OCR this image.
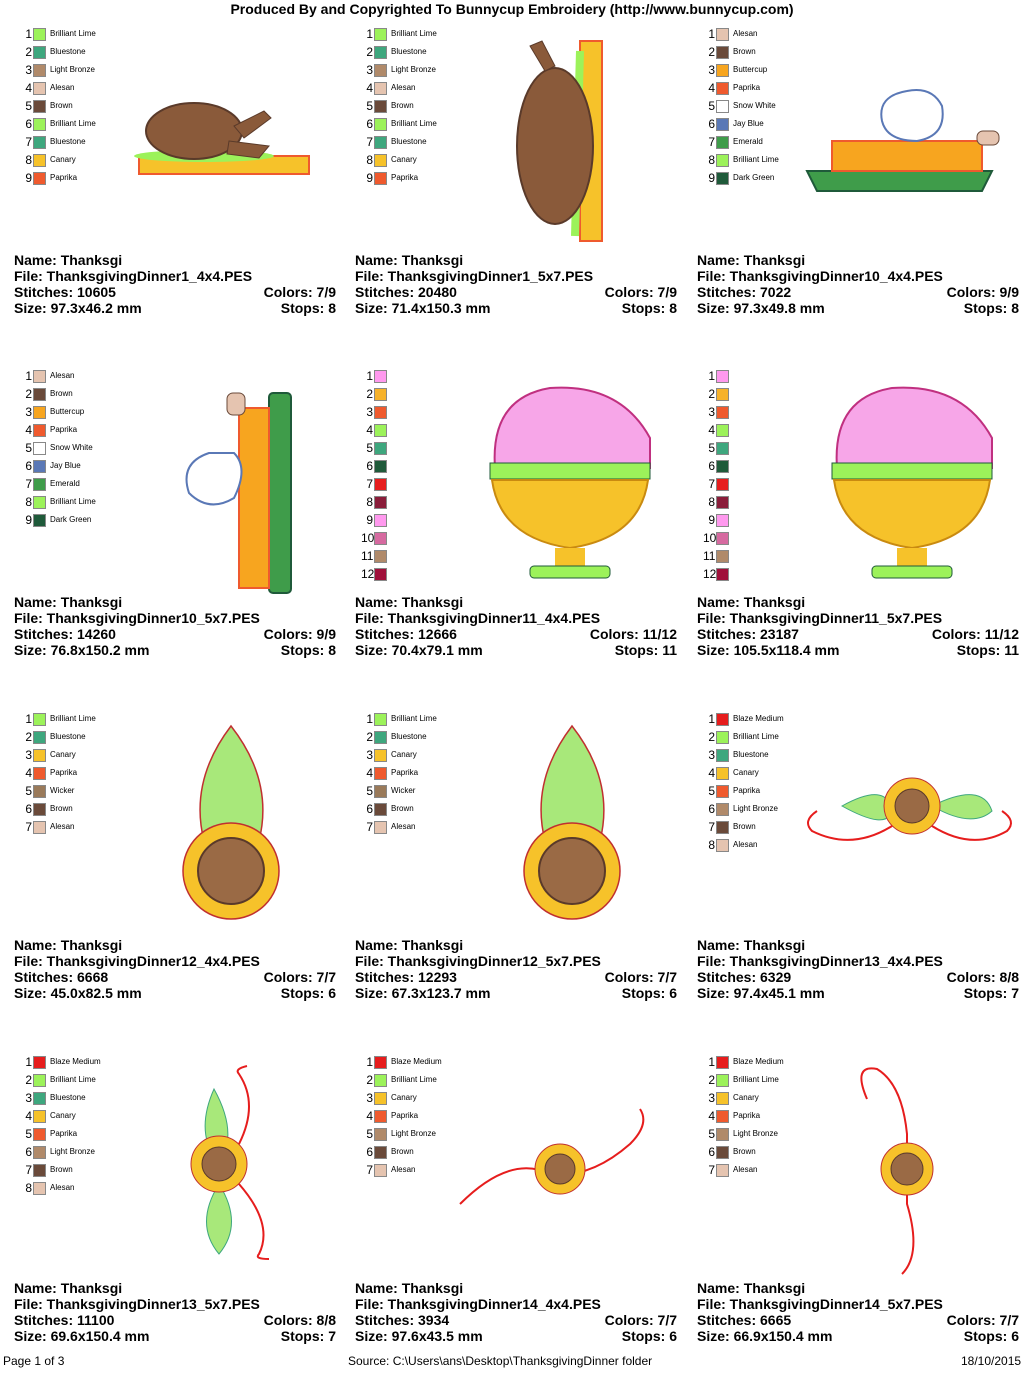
Produced By and Copyrighted To Bunnycup Embroidery (http://www.bunnycup.com)
1 Brilliant Lime
2 Bluestone
3 Light Bronze
4 Alesan
5 Brown
6 Brilliant Lime
7 Bluestone
8 Canary
9 Paprika
Name: Thanksgi
File: ThanksgivingDinner1_4x4.PES
Stitches: 10605	Colors: 7/9
Size: 97.3x46.2 mm	Stops: 8
1 Brilliant Lime
2 Bluestone
3 Light Bronze
4 Alesan
5 Brown
6 Brilliant Lime
7 Bluestone
8 Canary
9 Paprika
Name: Thanksgi
File: ThanksgivingDinner1_5x7.PES
Stitches: 20480	Colors: 7/9
Size: 71.4x150.3 mm	Stops: 8
1 Alesan
2 Brown
3 Buttercup
4 Paprika
5 Snow White
6 Jay Blue
7 Emerald
8 Brilliant Lime
9 Dark Green
Name: Thanksgi
File: ThanksgivingDinner10_4x4.PES
Stitches: 7022	Colors: 9/9
Size: 97.3x49.8 mm	Stops: 8
1 Alesan
2 Brown
3 Buttercup
4 Paprika
5 Snow White
6 Jay Blue
7 Emerald
8 Brilliant Lime
9 Dark Green
Name: Thanksgi
File: ThanksgivingDinner10_5x7.PES
Stitches: 14260	Colors: 9/9
Size: 76.8x150.2 mm	Stops: 8
1
2
3
4
5
6
7
8
9
10
11
12
Name: Thanksgi
File: ThanksgivingDinner11_4x4.PES
Stitches: 12666	Colors: 11/12
Size: 70.4x79.1 mm	Stops: 11
1
2
3
4
5
6
7
8
9
10
11
12
Name: Thanksgi
File: ThanksgivingDinner11_5x7.PES
Stitches: 23187	Colors: 11/12
Size: 105.5x118.4 mm	Stops: 11
1 Brilliant Lime
2 Bluestone
3 Canary
4 Paprika
5 Wicker
6 Brown
7 Alesan
Name: Thanksgi
File: ThanksgivingDinner12_4x4.PES
Stitches: 6668	Colors: 7/7
Size: 45.0x82.5 mm	Stops: 6
1 Brilliant Lime
2 Bluestone
3 Canary
4 Paprika
5 Wicker
6 Brown
7 Alesan
Name: Thanksgi
File: ThanksgivingDinner12_5x7.PES
Stitches: 12293	Colors: 7/7
Size: 67.3x123.7 mm	Stops: 6
1 Blaze Medium
2 Brilliant Lime
3 Bluestone
4 Canary
5 Paprika
6 Light Bronze
7 Brown
8 Alesan
Name: Thanksgi
File: ThanksgivingDinner13_4x4.PES
Stitches: 6329	Colors: 8/8
Size: 97.4x45.1 mm	Stops: 7
1 Blaze Medium
2 Brilliant Lime
3 Bluestone
4 Canary
5 Paprika
6 Light Bronze
7 Brown
8 Alesan
Name: Thanksgi
File: ThanksgivingDinner13_5x7.PES
Stitches: 11100	Colors: 8/8
Size: 69.6x150.4 mm	Stops: 7
1 Blaze Medium
2 Brilliant Lime
3 Canary
4 Paprika
5 Light Bronze
6 Brown
7 Alesan
Name: Thanksgi
File: ThanksgivingDinner14_4x4.PES
Stitches: 3934	Colors: 7/7
Size: 97.6x43.5 mm	Stops: 6
1 Blaze Medium
2 Brilliant Lime
3 Canary
4 Paprika
5 Light Bronze
6 Brown
7 Alesan
Name: Thanksgi
File: ThanksgivingDinner14_5x7.PES
Stitches: 6665	Colors: 7/7
Size: 66.9x150.4 mm	Stops: 6
Page 1 of 3	Source: C:\Users\ans\Desktop\ThanksgivingDinner folder	18/10/2015
